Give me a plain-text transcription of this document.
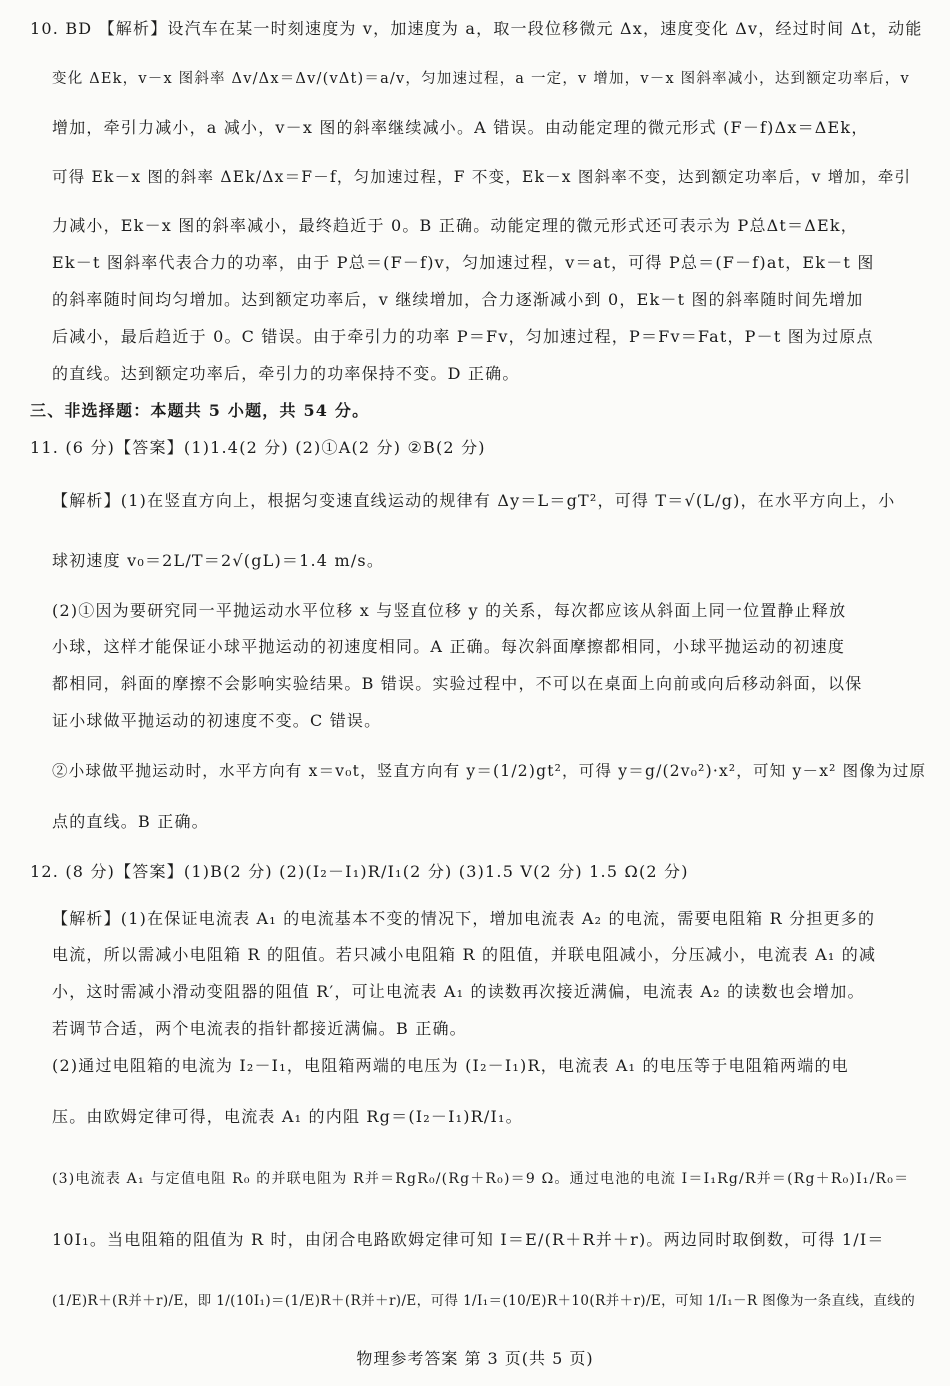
10. BD 【解析】设汽车在某一时刻速度为 v，加速度为 a，取一段位移微元 Δx，速度变化 Δv，经过时间 Δt，动能
变化 ΔEk，v－x 图斜率 Δv/Δx＝Δv/(vΔt)＝a/v，匀加速过程，a 一定，v 增加，v－x 图斜率减小，达到额定功率后，v
增加，牵引力减小，a 减小，v－x 图的斜率继续减小。A 错误。由动能定理的微元形式 (F－f)Δx＝ΔEk，
可得 Ek－x 图的斜率 ΔEk/Δx＝F－f，匀加速过程，F 不变，Ek－x 图斜率不变，达到额定功率后，v 增加，牵引
力减小，Ek－x 图的斜率减小，最终趋近于 0。B 正确。动能定理的微元形式还可表示为 P总Δt＝ΔEk，
Ek－t 图斜率代表合力的功率，由于 P总＝(F－f)v，匀加速过程，v＝at，可得 P总＝(F－f)at，Ek－t 图
的斜率随时间均匀增加。达到额定功率后，v 继续增加，合力逐渐减小到 0，Ek－t 图的斜率随时间先增加
后减小，最后趋近于 0。C 错误。由于牵引力的功率 P＝Fv，匀加速过程，P＝Fv＝Fat，P－t 图为过原点
的直线。达到额定功率后，牵引力的功率保持不变。D 正确。
三、非选择题：本题共 5 小题，共 54 分。
11. (6 分)【答案】(1)1.4(2 分) (2)①A(2 分) ②B(2 分)
【解析】(1)在竖直方向上，根据匀变速直线运动的规律有 Δy＝L＝gT²，可得 T＝√(L/g)，在水平方向上，小
球初速度 v₀＝2L/T＝2√(gL)＝1.4 m/s。
(2)①因为要研究同一平抛运动水平位移 x 与竖直位移 y 的关系，每次都应该从斜面上同一位置静止释放
小球，这样才能保证小球平抛运动的初速度相同。A 正确。每次斜面摩擦都相同，小球平抛运动的初速度
都相同，斜面的摩擦不会影响实验结果。B 错误。实验过程中，不可以在桌面上向前或向后移动斜面，以保
证小球做平抛运动的初速度不变。C 错误。
②小球做平抛运动时，水平方向有 x＝v₀t，竖直方向有 y＝(1/2)gt²，可得 y＝g/(2v₀²)·x²，可知 y－x² 图像为过原
点的直线。B 正确。
12. (8 分)【答案】(1)B(2 分) (2)(I₂－I₁)R/I₁(2 分) (3)1.5 V(2 分) 1.5 Ω(2 分)
【解析】(1)在保证电流表 A₁ 的电流基本不变的情况下，增加电流表 A₂ 的电流，需要电阻箱 R 分担更多的
电流，所以需减小电阻箱 R 的阻值。若只减小电阻箱 R 的阻值，并联电阻减小，分压减小，电流表 A₁ 的减
小，这时需减小滑动变阻器的阻值 R′，可让电流表 A₁ 的读数再次接近满偏，电流表 A₂ 的读数也会增加。
若调节合适，两个电流表的指针都接近满偏。B 正确。
(2)通过电阻箱的电流为 I₂－I₁，电阻箱两端的电压为 (I₂－I₁)R，电流表 A₁ 的电压等于电阻箱两端的电
压。由欧姆定律可得，电流表 A₁ 的内阻 Rg＝(I₂－I₁)R/I₁。
(3)电流表 A₁ 与定值电阻 R₀ 的并联电阻为 R并＝RgR₀/(Rg＋R₀)＝9 Ω。通过电池的电流 I＝I₁Rg/R并＝(Rg＋R₀)I₁/R₀＝
10I₁。当电阻箱的阻值为 R 时，由闭合电路欧姆定律可知 I＝E/(R＋R并＋r)。两边同时取倒数，可得 1/I＝
(1/E)R＋(R并＋r)/E，即 1/(10I₁)＝(1/E)R＋(R并＋r)/E，可得 1/I₁＝(10/E)R＋10(R并＋r)/E，可知 1/I₁－R 图像为一条直线，直线的
物理参考答案 第 3 页(共 5 页)
